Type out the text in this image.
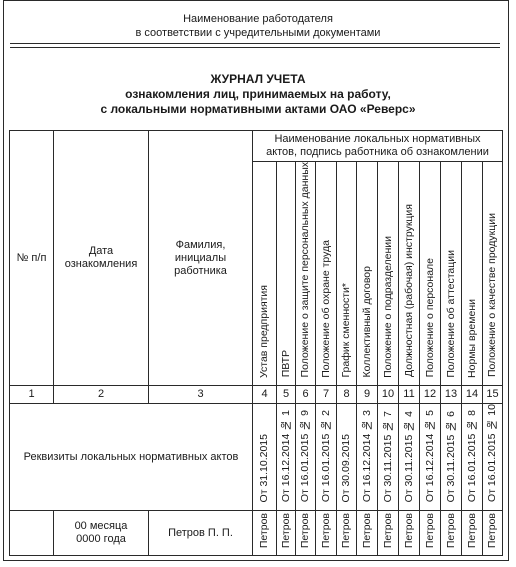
Наименование работодателя
в соответствии с учредительными документами
ЖУРНАЛ УЧЕТА
ознакомления лиц, принимаемых на работу,
с локальными нормативными актами ОАО «Реверс»
№ п/п	Дата ознакомления	Фамилия, инициалы работника	Наименование локальных нормативных актов, подпись работника об ознакомлении											
			Устав предприятия	ПВТР	Положение о защите персональных данных	Положение об охране труда	График сменности*	Коллективный договор	Положение о подразделении	Должностная (рабочая) инструкция	Положение о персонале	Положение об аттестации	Нормы времени	Положение о качестве продукции
1	2	3	4	5	6	7	8	9	10	11	12	13	14	15
Реквизиты локальных нормативных актов			От 31.10.2015	От 16.12.2014 № 1	От 16.01.2015 № 9	От 16.01.2015 № 2	От 30.09.2015	От 16.12.2014 № 3	От 30.11.2015 № 7	От 30.11.2015 № 4	От 16.12.2014 № 5	От 30.11.2015 № 6	От 16.01.2015 № 8	От 16.01.2015 № 10
	00 месяца 0000 года	Петров П. П.	Петров	Петров	Петров	Петров	Петров	Петров	Петров	Петров	Петров	Петров	Петров	Петров
